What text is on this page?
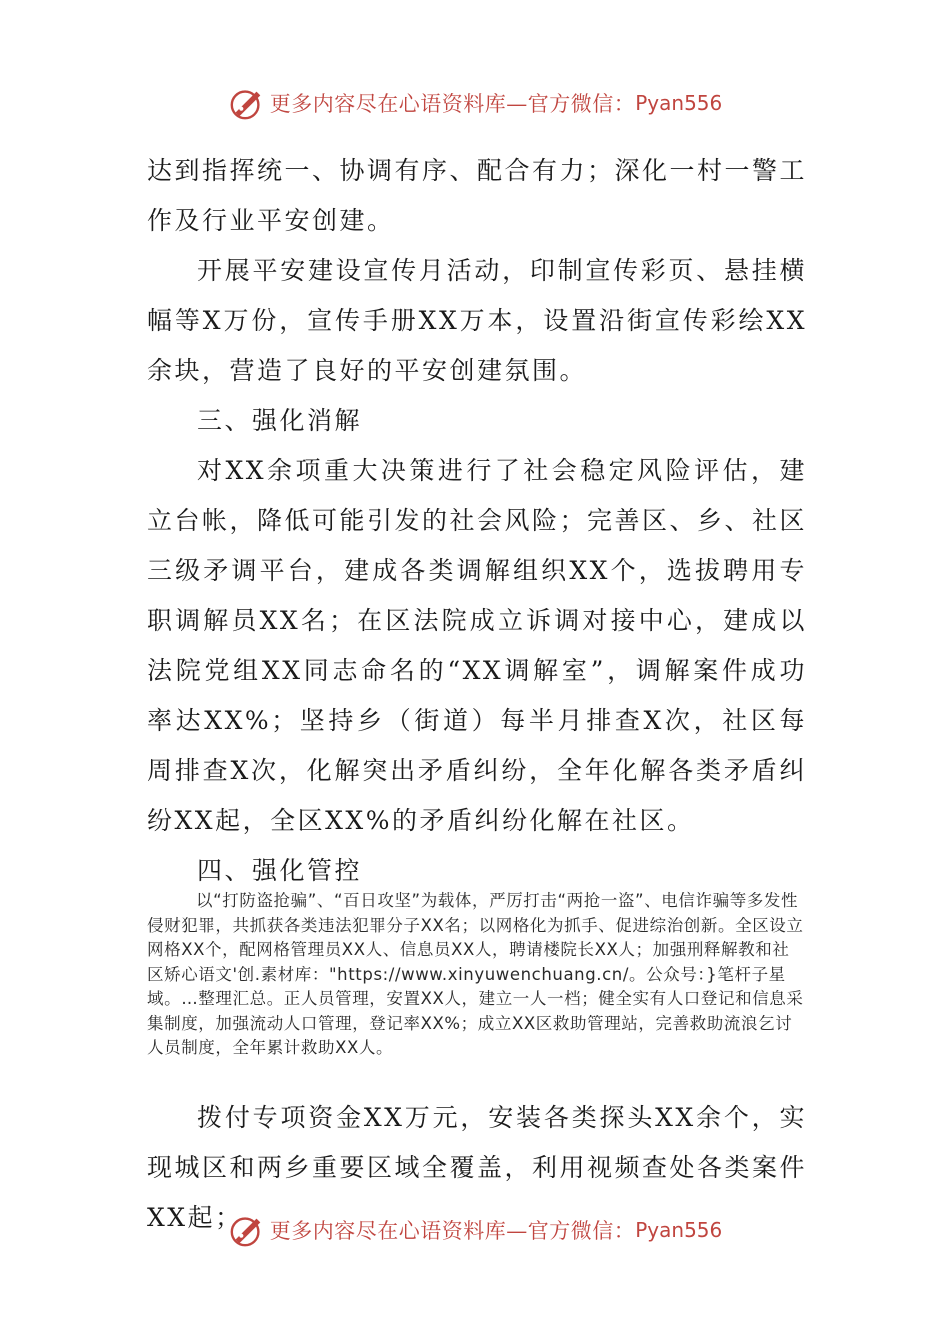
更多内容尽在心语资料库—官方微信： Pyan556

达到指挥统一、协调有序、配合有力；深化一村一警工作及行业平安创建。

开展平安建设宣传月活动，印制宣传彩页、悬挂横幅等X万份，宣传手册XX万本，设置沿街宣传彩绘XX余块，营造了良好的平安创建氛围。

三、强化消解

对XX余项重大决策进行了社会稳定风险评估，建立台帐，降低可能引发的社会风险；完善区、乡、社区三级矛调平台，建成各类调解组织XX个，选拔聘用专职调解员XX名；在区法院成立诉调对接中心，建成以法院党组XX同志命名的“XX调解室”，调解案件成功率达XX%；坚持乡（街道）每半月排查X次，社区每周排查X次，化解突出矛盾纠纷，全年化解各类矛盾纠纷XX起，全区XX%的矛盾纠纷化解在社区。

四、强化管控

以“打防盗抢骗”、“百日攻坚”为载体，严厉打击“两抢一盗”、电信诈骗等多发性侵财犯罪，共抓获各类违法犯罪分子XX名；以网格化为抓手、促进综治创新。全区设立网格XX个，配网格管理员XX人、信息员XX人，聘请楼院长XX人；加强刑释解教和社区矫心语文'创.素材库："https://www.xinyuwenchuang.cn/。公众号：}笔杆子星域。…整理汇总。正人员管理，安置XX人，建立一人一档；健全实有人口登记和信息采集制度，加强流动人口管理，登记率XX%；成立XX区救助管理站，完善救助流浪乞讨人员制度，全年累计救助XX人。

拨付专项资金XX万元，安装各类探头XX余个，实现城区和两乡重要区域全覆盖，利用视频查处各类案件XX起；	更多内容尽在心语资料库—官方微信： Pyan556
